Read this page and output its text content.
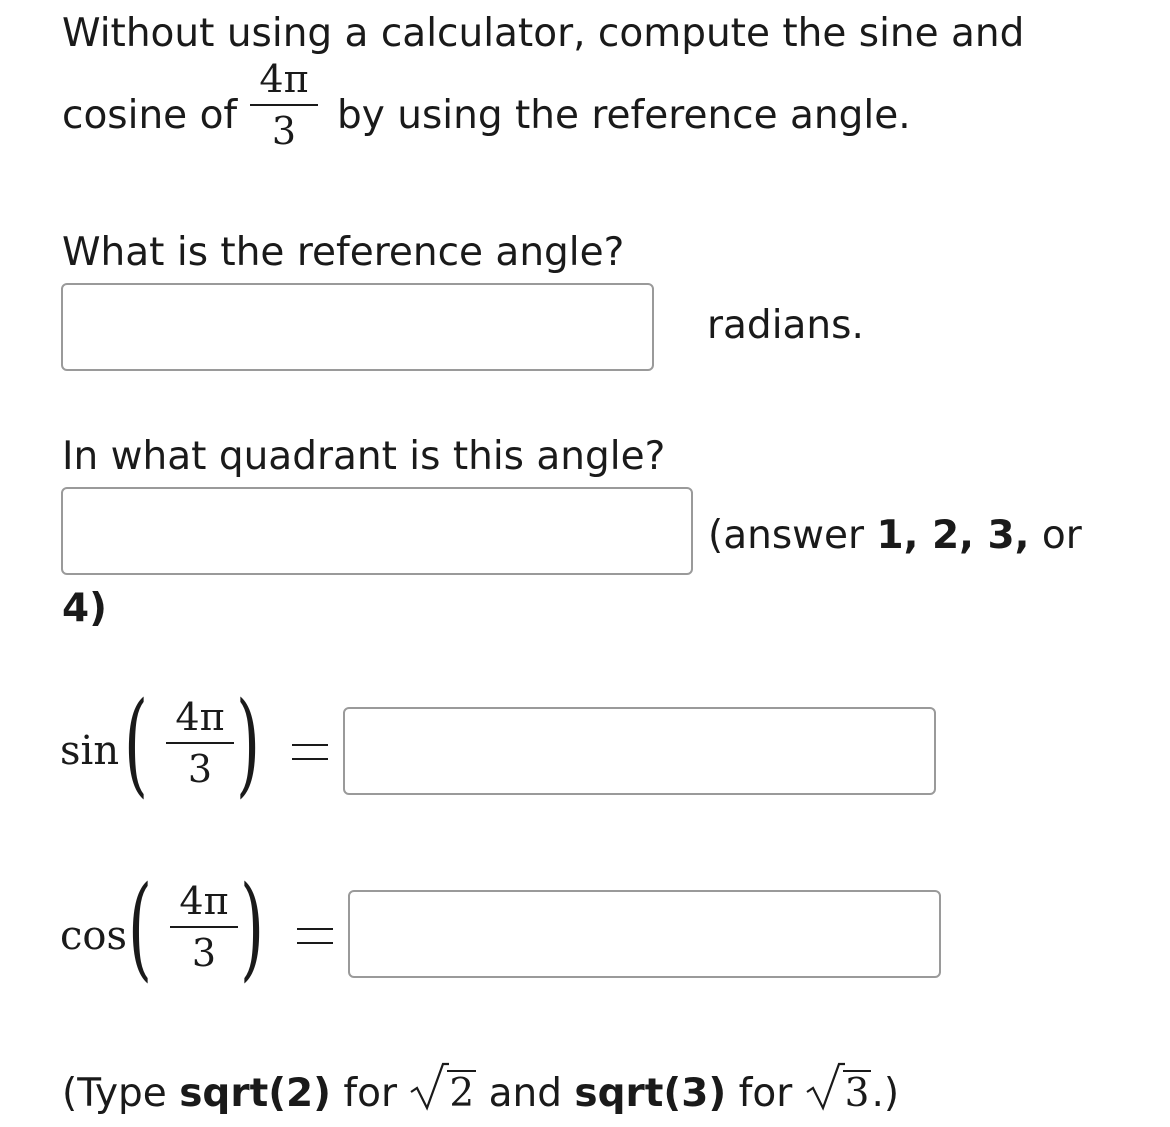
Without using a calculator, compute the sine and
cosine of
4π
3	by using the reference angle.
What is the reference angle?
radians.
In what quadrant is this angle?
(answer 1, 2, 3, or
4)
sin ( 4π
3 )
cos ( 4π
3 )
(Type sqrt(2) for
2 and sqrt(3) for
3.)
